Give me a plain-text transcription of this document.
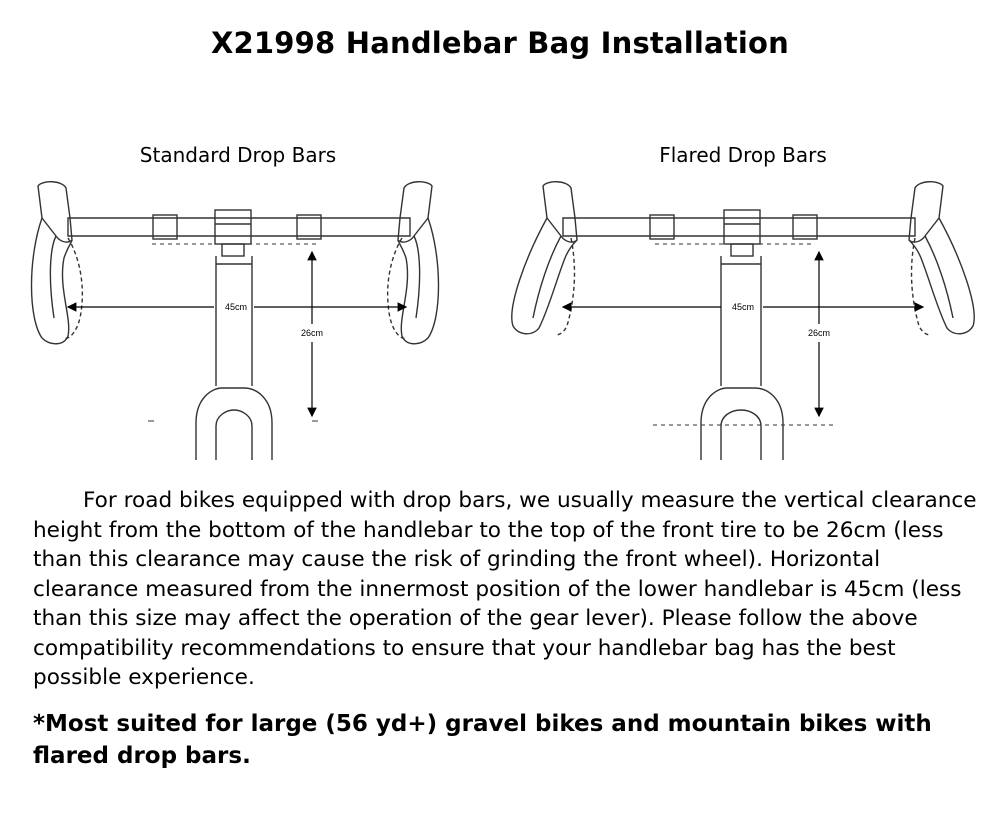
X21998 Handlebar Bag Installation
Standard Drop Bars	Flared Drop Bars
45cm
26cm
45cm
26cm
For road bikes equipped with drop bars, we usually measure the vertical clearance height from the bottom of the handlebar to the top of the front tire to be 26cm (less than this clearance may cause the risk of grinding the front wheel). Horizontal clearance measured from the innermost position of the lower handlebar is 45cm (less than this size may affect the operation of the gear lever). Please follow the above compatibility recommendations to ensure that your handlebar bag has the best possible experience.
*Most suited for large (56 yd+) gravel bikes and mountain bikes with flared drop bars.
